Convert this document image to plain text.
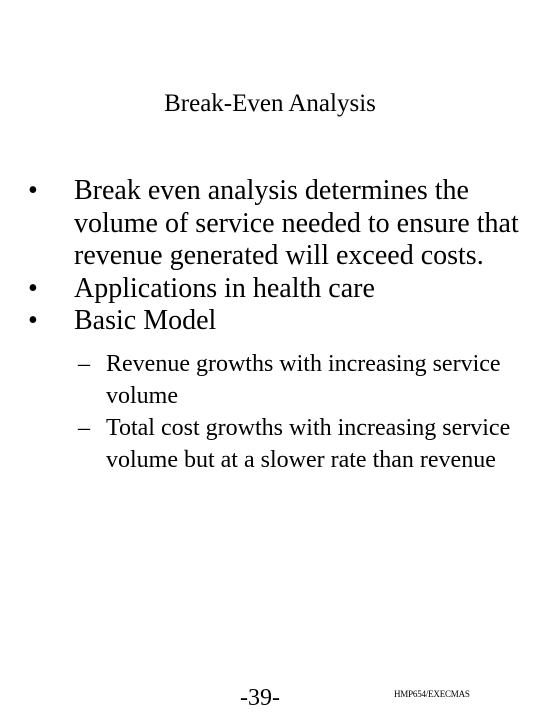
Break-Even Analysis
•	Break even analysis determines the volume of service needed to ensure that revenue generated will exceed costs.
•	Applications in health care
•	Basic Model
– Revenue growths with increasing service volume
– Total cost growths with increasing service volume but at a slower rate than revenue
-39-	HMP654/EXECMAS
